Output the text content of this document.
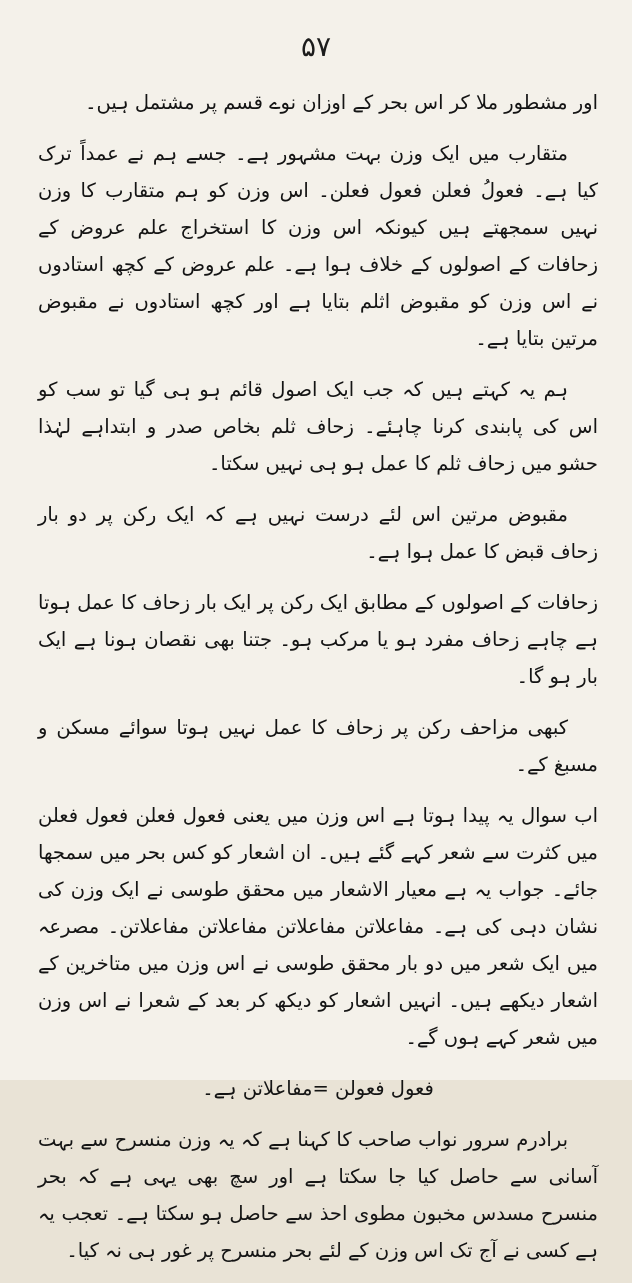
۵۷

اور مشطور ملا کر اس بحر کے اوزان نوے قسم پر مشتمل ہیں۔

متقارب میں ایک وزن بہت مشہور ہے۔ جسے ہم نے عمداً ترک کیا ہے۔ فعولُ فعلن فعول فعلن۔ اس وزن کو ہم متقارب کا وزن نہیں سمجھتے ہیں کیونکہ اس وزن کا استخراج علم عروض کے زحافات کے اصولوں کے خلاف ہوا ہے۔ علم عروض کے کچھ استادوں نے اس وزن کو مقبوض اثلم بتایا ہے اور کچھ استادوں نے مقبوض مرتین بتایا ہے۔

ہم یہ کہتے ہیں کہ جب ایک اصول قائم ہو ہی گیا تو سب کو اس کی پابندی کرنا چاہئے۔ زحاف ثلم بخاص صدر و ابتداہے لہٰذا حشو میں زحاف ثلم کا عمل ہو ہی نہیں سکتا۔

مقبوض مرتین اس لئے درست نہیں ہے کہ ایک رکن پر دو بار زحاف قبض کا عمل ہوا ہے۔

زحافات کے اصولوں کے مطابق ایک رکن پر ایک بار زحاف کا عمل ہوتا ہے چاہے زحاف مفرد ہو یا مرکب ہو۔ جتنا بھی نقصان ہونا ہے ایک بار ہو گا۔

کبھی مزاحف رکن پر زحاف کا عمل نہیں ہوتا سوائے مسکن و مسبغ کے۔

اب سوال یہ پیدا ہوتا ہے اس وزن میں یعنی فعول فعلن فعول فعلن میں کثرت سے شعر کہے گئے ہیں۔ ان اشعار کو کس بحر میں سمجھا جائے۔ جواب یہ ہے معیار الاشعار میں محقق طوسی نے ایک وزن کی نشان دہی کی ہے۔ مفاعلاتن مفاعلاتن مفاعلاتن مفاعلاتن۔ مصرعہ میں ایک شعر میں دو بار محقق طوسی نے اس وزن میں متاخرین کے اشعار دیکھے ہیں۔ انہیں اشعار کو دیکھ کر بعد کے شعرا نے اس وزن میں شعر کہے ہوں گے۔

فعول فعولن =مفاعلاتن ہے۔

برادرم سرور نواب صاحب کا کہنا ہے کہ یہ وزن منسرح سے بہت آسانی سے حاصل کیا جا سکتا ہے اور سچ بھی یہی ہے کہ بحر منسرح مسدس مخبون مطوی احذ سے حاصل ہو سکتا ہے۔ تعجب یہ ہے کسی نے آج تک اس وزن کے لئے بحر منسرح پر غور ہی نہ کیا۔
